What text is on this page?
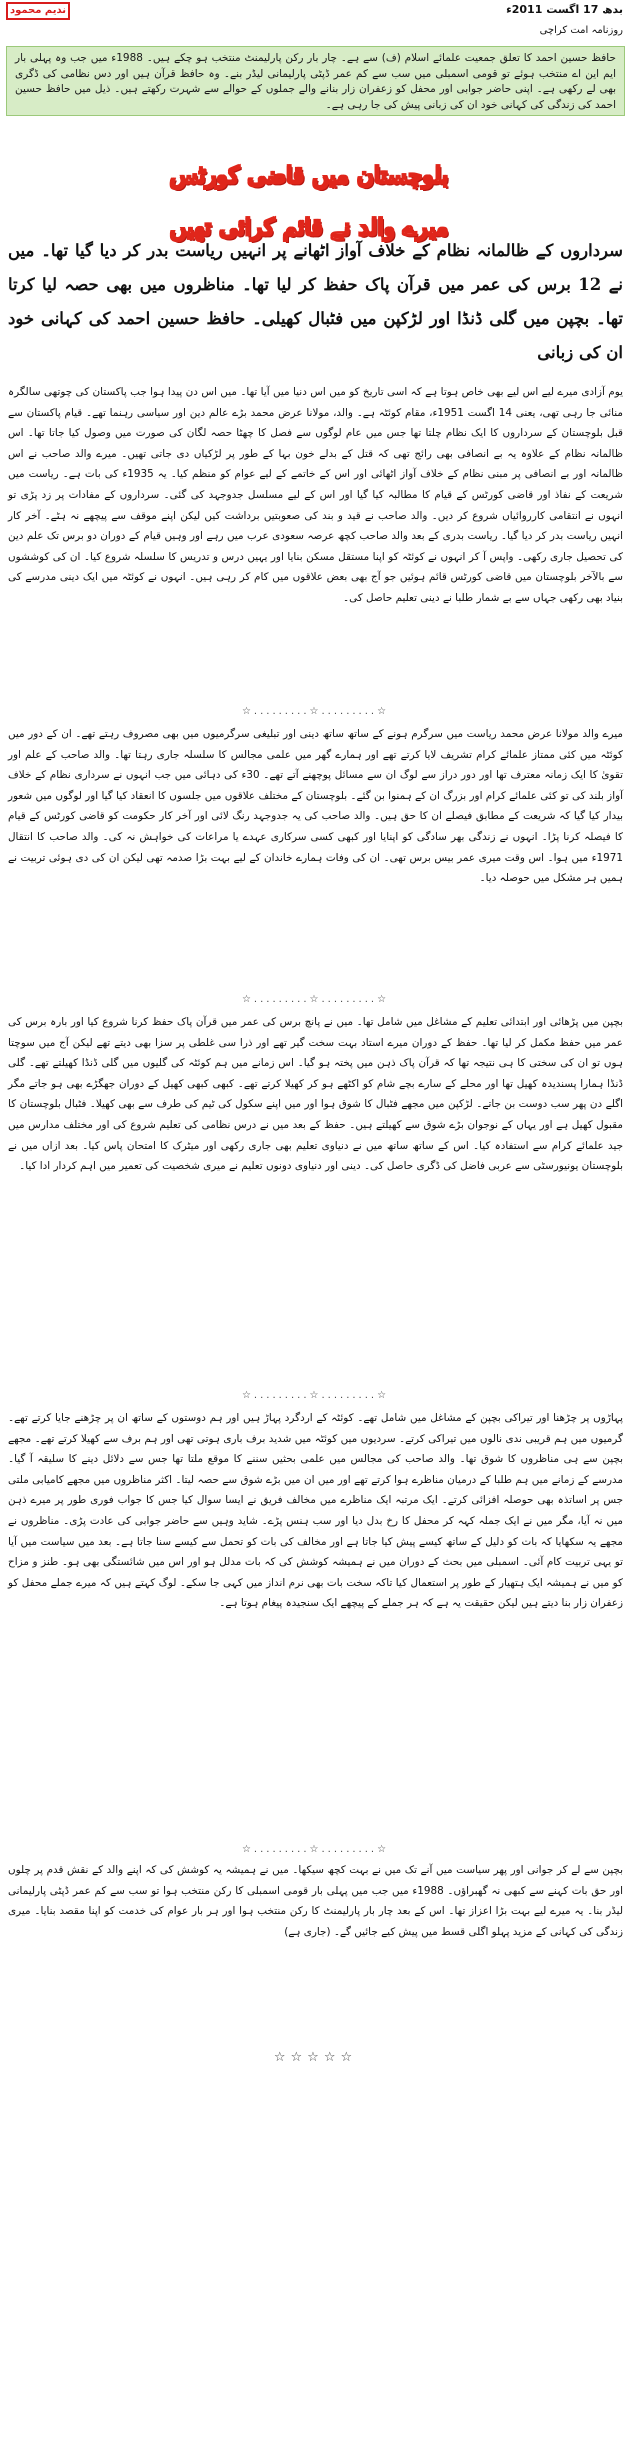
ندیم محمود	بدھ 17 اگست 2011ء
روزنامہ امت کراچی
حافظ حسین احمد کا تعلق جمعیت علمائے اسلام (ف) سے ہے۔ چار بار رکن پارلیمنٹ منتخب ہو چکے ہیں۔ 1988ء میں جب وہ پہلی بار ایم این اے منتخب ہوئے تو قومی اسمبلی میں سب سے کم عمر ڈپٹی پارلیمانی لیڈر بنے۔ وہ حافظ قرآن ہیں اور دس نظامی کی ڈگری بھی لے رکھی ہے۔ اپنی حاضر جوابی اور محفل کو زعفران زار بنانے والے جملوں کے حوالے سے شہرت رکھتے ہیں۔ ذیل میں حافظ حسین احمد کی زندگی کی کہانی خود ان کی زبانی پیش کی جا رہی ہے۔
بلوچستان میں قاضی کورٹس میرے والد نے قائم کرائی تھیں
سرداروں کے ظالمانہ نظام کے خلاف آواز اٹھانے پر انہیں ریاست بدر کر دیا گیا تھا۔ میں نے 12 برس کی عمر میں قرآن پاک حفظ کر لیا تھا۔ مناظروں میں بھی حصہ لیا کرتا تھا۔ بچپن میں گلی ڈنڈا اور لڑکپن میں فٹبال کھیلی۔ حافظ حسین احمد کی کہانی خود ان کی زبانی
یوم آزادی میرے لیے اس لیے بھی خاص ہوتا ہے کہ اسی تاریخ کو میں اس دنیا میں آیا تھا۔ میں اس دن پیدا ہوا جب پاکستان کی چوتھی سالگرہ منائی جا رہی تھی، یعنی 14 اگست 1951ء، مقام کوئٹہ ہے۔ والد، مولانا عرض محمد بڑے عالم دین اور سیاسی رہنما تھے۔ قیام پاکستان سے قبل بلوچستان کے سرداروں کا ایک نظام چلتا تھا جس میں عام لوگوں سے فصل کا چھٹا حصہ لگان کی صورت میں وصول کیا جاتا تھا۔ اس ظالمانہ نظام کے علاوہ یہ بے انصافی بھی رائج تھی کہ قتل کے بدلے خون بہا کے طور پر لڑکیاں دی جاتی تھیں۔ میرے والد صاحب نے اس ظالمانہ اور بے انصافی پر مبنی نظام کے خلاف آواز اٹھائی اور اس کے خاتمے کے لیے عوام کو منظم کیا۔ یہ 1935ء کی بات ہے۔ ریاست میں شریعت کے نفاذ اور قاضی کورٹس کے قیام کا مطالبہ کیا گیا اور اس کے لیے مسلسل جدوجہد کی گئی۔ سرداروں کے مفادات پر زد پڑی تو انہوں نے انتقامی کارروائیاں شروع کر دیں۔ والد صاحب نے قید و بند کی صعوبتیں برداشت کیں لیکن اپنے موقف سے پیچھے نہ ہٹے۔ آخر کار انہیں ریاست بدر کر دیا گیا۔ ریاست بدری کے بعد والد صاحب کچھ عرصہ سعودی عرب میں رہے اور وہیں قیام کے دوران دو برس تک علم دین کی تحصیل جاری رکھی۔ واپس آ کر انہوں نے کوئٹہ کو اپنا مستقل مسکن بنایا اور یہیں درس و تدریس کا سلسلہ شروع کیا۔ ان کی کوششوں سے بالآخر بلوچستان میں قاضی کورٹس قائم ہوئیں جو آج بھی بعض علاقوں میں کام کر رہی ہیں۔ انہوں نے کوئٹہ میں ایک دینی مدرسے کی بنیاد بھی رکھی جہاں سے بے شمار طلبا نے دینی تعلیم حاصل کی۔
☆.........☆.........☆
میرے والد مولانا عرض محمد ریاست میں سرگرم ہونے کے ساتھ ساتھ دینی اور تبلیغی سرگرمیوں میں بھی مصروف رہتے تھے۔ ان کے دور میں کوئٹہ میں کئی ممتاز علمائے کرام تشریف لایا کرتے تھے اور ہمارے گھر میں علمی مجالس کا سلسلہ جاری رہتا تھا۔ والد صاحب کے علم اور تقویٰ کا ایک زمانہ معترف تھا اور دور دراز سے لوگ ان سے مسائل پوچھنے آتے تھے۔ 30ء کی دہائی میں جب انہوں نے سرداری نظام کے خلاف آواز بلند کی تو کئی علمائے کرام اور بزرگ ان کے ہمنوا بن گئے۔ بلوچستان کے مختلف علاقوں میں جلسوں کا انعقاد کیا گیا اور لوگوں میں شعور بیدار کیا گیا کہ شریعت کے مطابق فیصلے ان کا حق ہیں۔ والد صاحب کی یہ جدوجہد رنگ لائی اور آخر کار حکومت کو قاضی کورٹس کے قیام کا فیصلہ کرنا پڑا۔ انہوں نے زندگی بھر سادگی کو اپنایا اور کبھی کسی سرکاری عہدے یا مراعات کی خواہش نہ کی۔ والد صاحب کا انتقال 1971ء میں ہوا۔ اس وقت میری عمر بیس برس تھی۔ ان کی وفات ہمارے خاندان کے لیے بہت بڑا صدمہ تھی لیکن ان کی دی ہوئی تربیت نے ہمیں ہر مشکل میں حوصلہ دیا۔
☆.........☆.........☆
بچپن میں پڑھائی اور ابتدائی تعلیم کے مشاغل میں شامل تھا۔ میں نے پانچ برس کی عمر میں قرآن پاک حفظ کرنا شروع کیا اور بارہ برس کی عمر میں حفظ مکمل کر لیا تھا۔ حفظ کے دوران میرے استاد بہت سخت گیر تھے اور ذرا سی غلطی پر سزا بھی دیتے تھے لیکن آج میں سوچتا ہوں تو ان کی سختی کا ہی نتیجہ تھا کہ قرآن پاک ذہن میں پختہ ہو گیا۔ اس زمانے میں ہم کوئٹہ کی گلیوں میں گلی ڈنڈا کھیلتے تھے۔ گلی ڈنڈا ہمارا پسندیدہ کھیل تھا اور محلے کے سارے بچے شام کو اکٹھے ہو کر کھیلا کرتے تھے۔ کبھی کبھی کھیل کے دوران جھگڑے بھی ہو جاتے مگر اگلے دن پھر سب دوست بن جاتے۔ لڑکپن میں مجھے فٹبال کا شوق ہوا اور میں اپنے سکول کی ٹیم کی طرف سے بھی کھیلا۔ فٹبال بلوچستان کا مقبول کھیل ہے اور یہاں کے نوجوان بڑے شوق سے کھیلتے ہیں۔ حفظ کے بعد میں نے درس نظامی کی تعلیم شروع کی اور مختلف مدارس میں جید علمائے کرام سے استفادہ کیا۔ اس کے ساتھ ساتھ میں نے دنیاوی تعلیم بھی جاری رکھی اور میٹرک کا امتحان پاس کیا۔ بعد ازاں میں نے بلوچستان یونیورسٹی سے عربی فاضل کی ڈگری حاصل کی۔ دینی اور دنیاوی دونوں تعلیم نے میری شخصیت کی تعمیر میں اہم کردار ادا کیا۔
☆.........☆.........☆
پہاڑوں پر چڑھنا اور تیراکی بچپن کے مشاغل میں شامل تھے۔ کوئٹہ کے اردگرد پہاڑ ہیں اور ہم دوستوں کے ساتھ ان پر چڑھنے جایا کرتے تھے۔ گرمیوں میں ہم قریبی ندی نالوں میں تیراکی کرتے۔ سردیوں میں کوئٹہ میں شدید برف باری ہوتی تھی اور ہم برف سے کھیلا کرتے تھے۔ مجھے بچپن سے ہی مناظروں کا شوق تھا۔ والد صاحب کی مجالس میں علمی بحثیں سننے کا موقع ملتا تھا جس سے دلائل دینے کا سلیقہ آ گیا۔ مدرسے کے زمانے میں ہم طلبا کے درمیان مناظرے ہوا کرتے تھے اور میں ان میں بڑے شوق سے حصہ لیتا۔ اکثر مناظروں میں مجھے کامیابی ملتی جس پر اساتذہ بھی حوصلہ افزائی کرتے۔ ایک مرتبہ ایک مناظرے میں مخالف فریق نے ایسا سوال کیا جس کا جواب فوری طور پر میرے ذہن میں نہ آیا، مگر میں نے ایک جملہ کہہ کر محفل کا رخ بدل دیا اور سب ہنس پڑے۔ شاید وہیں سے حاضر جوابی کی عادت پڑی۔ مناظروں نے مجھے یہ سکھایا کہ بات کو دلیل کے ساتھ کیسے پیش کیا جاتا ہے اور مخالف کی بات کو تحمل سے کیسے سنا جاتا ہے۔ بعد میں سیاست میں آیا تو یہی تربیت کام آئی۔ اسمبلی میں بحث کے دوران میں نے ہمیشہ کوشش کی کہ بات مدلل ہو اور اس میں شائستگی بھی ہو۔ طنز و مزاح کو میں نے ہمیشہ ایک ہتھیار کے طور پر استعمال کیا تاکہ سخت بات بھی نرم انداز میں کہی جا سکے۔ لوگ کہتے ہیں کہ میرے جملے محفل کو زعفران زار بنا دیتے ہیں لیکن حقیقت یہ ہے کہ ہر جملے کے پیچھے ایک سنجیدہ پیغام ہوتا ہے۔
☆.........☆.........☆
بچپن سے لے کر جوانی اور پھر سیاست میں آنے تک میں نے بہت کچھ سیکھا۔ میں نے ہمیشہ یہ کوشش کی کہ اپنے والد کے نقش قدم پر چلوں اور حق بات کہنے سے کبھی نہ گھبراؤں۔ 1988ء میں جب میں پہلی بار قومی اسمبلی کا رکن منتخب ہوا تو سب سے کم عمر ڈپٹی پارلیمانی لیڈر بنا۔ یہ میرے لیے بہت بڑا اعزاز تھا۔ اس کے بعد چار بار پارلیمنٹ کا رکن منتخب ہوا اور ہر بار عوام کی خدمت کو اپنا مقصد بنایا۔ میری زندگی کی کہانی کے مزید پہلو اگلی قسط میں پیش کیے جائیں گے۔ (جاری ہے)
☆☆☆☆☆
